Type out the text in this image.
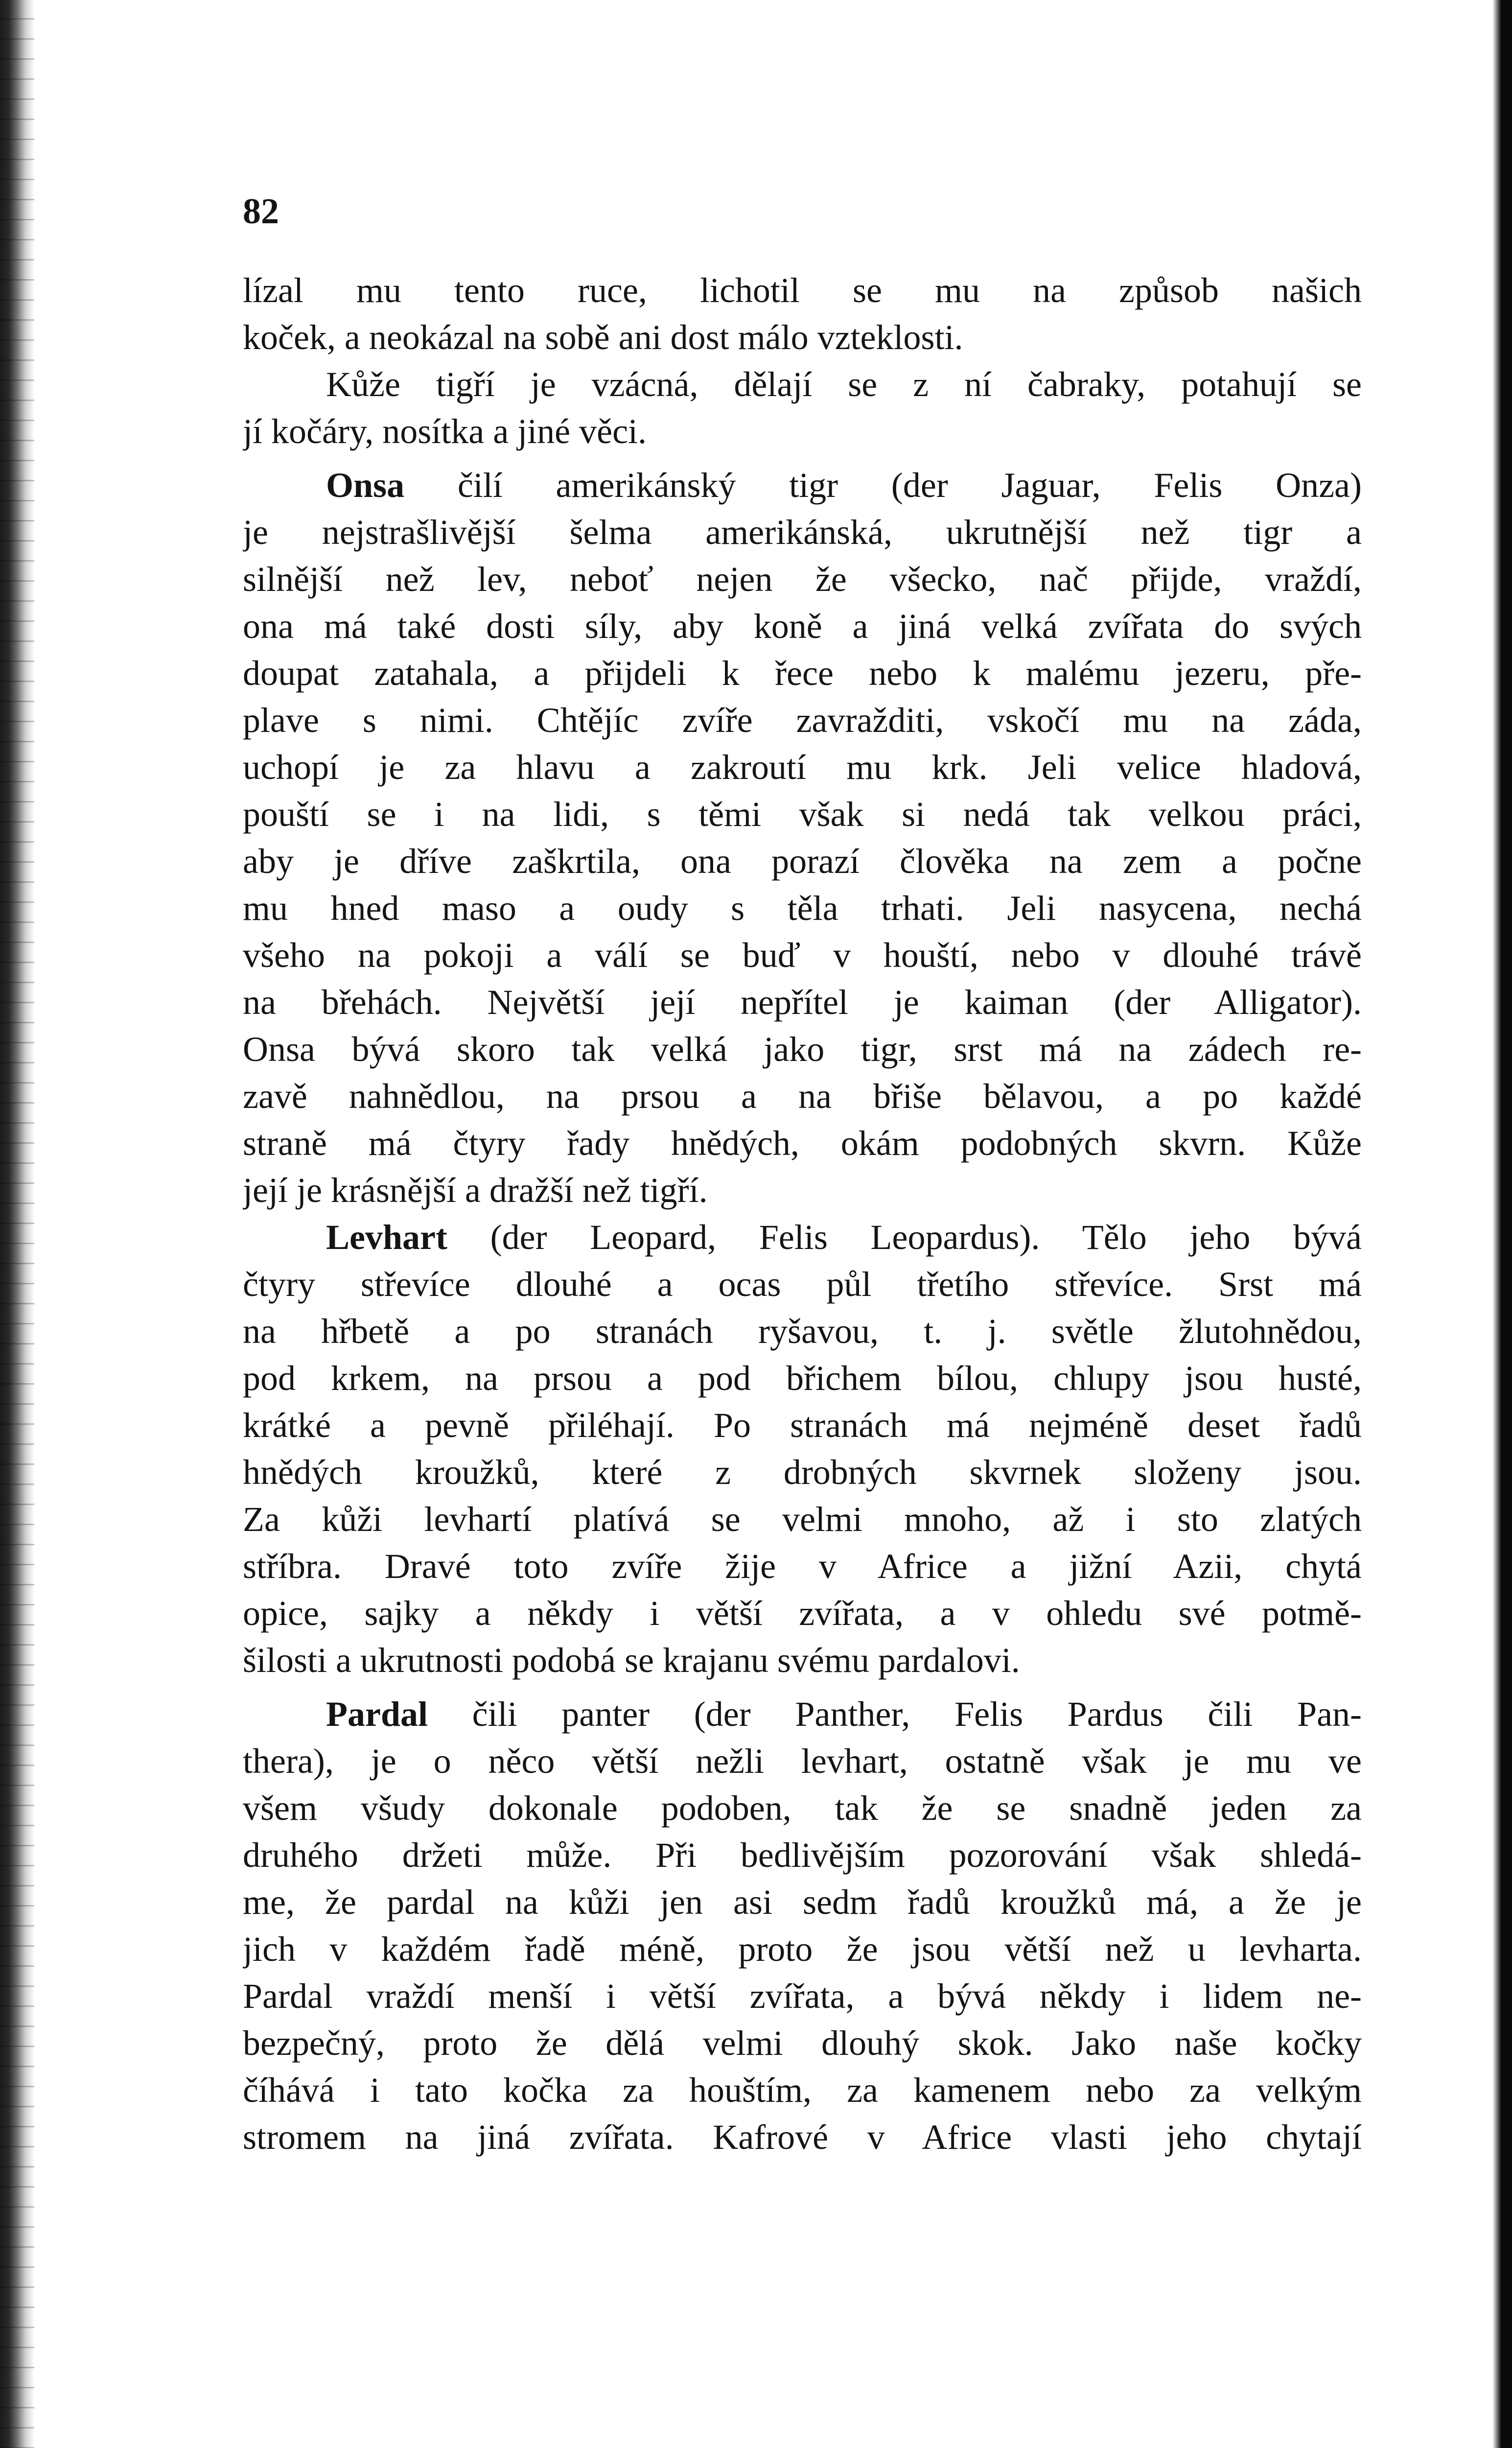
82
lízal mu tento ruce, lichotil se mu na způsob našich
koček, a neokázal na sobě ani dost málo vzteklosti.
Kůže tigří je vzácná, dělají se z ní čabraky, potahují se
jí kočáry, nosítka a jiné věci.
Onsa čilí amerikánský tigr (der Jaguar, Felis Onza)
je nejstrašlivější šelma amerikánská, ukrutnější než tigr a
silnější než lev, neboť nejen že všecko, nač přijde, vraždí,
ona má také dosti síly, aby koně a jiná velká zvířata do svých
doupat zatahala, a přijdeli k řece nebo k malému jezeru, pře-
plave s nimi. Chtějíc zvíře zavražditi, vskočí mu na záda,
uchopí je za hlavu a zakroutí mu krk. Jeli velice hladová,
pouští se i na lidi, s těmi však si nedá tak velkou práci,
aby je dříve zaškrtila, ona porazí člověka na zem a počne
mu hned maso a oudy s těla trhati. Jeli nasycena, nechá
všeho na pokoji a válí se buď v houští, nebo v dlouhé trávě
na břehách. Největší její nepřítel je kaiman (der Alligator).
Onsa bývá skoro tak velká jako tigr, srst má na zádech re-
zavě nahnědlou, na prsou a na břiše bělavou, a po každé
straně má čtyry řady hnědých, okám podobných skvrn. Kůže
její je krásnější a dražší než tigří.
Levhart (der Leopard, Felis Leopardus). Tělo jeho bývá
čtyry střevíce dlouhé a ocas půl třetího střevíce. Srst má
na hřbetě a po stranách ryšavou, t. j. světle žlutohnědou,
pod krkem, na prsou a pod břichem bílou, chlupy jsou husté,
krátké a pevně přiléhají. Po stranách má nejméně deset řadů
hnědých kroužků, které z drobných skvrnek složeny jsou.
Za kůži levhartí platívá se velmi mnoho, až i sto zlatých
stříbra. Dravé toto zvíře žije v Africe a jižní Azii, chytá
opice, sajky a někdy i větší zvířata, a v ohledu své potmě-
šilosti a ukrutnosti podobá se krajanu svému pardalovi.
Pardal čili panter (der Panther, Felis Pardus čili Pan-
thera), je o něco větší nežli levhart, ostatně však je mu ve
všem všudy dokonale podoben, tak že se snadně jeden za
druhého držeti může. Při bedlivějším pozorování však shledá-
me, že pardal na kůži jen asi sedm řadů kroužků má, a že je
jich v každém řadě méně, proto že jsou větší než u levharta.
Pardal vraždí menší i větší zvířata, a bývá někdy i lidem ne-
bezpečný, proto že dělá velmi dlouhý skok. Jako naše kočky
číhává i tato kočka za houštím, za kamenem nebo za velkým
stromem na jiná zvířata. Kafrové v Africe vlasti jeho chytají
